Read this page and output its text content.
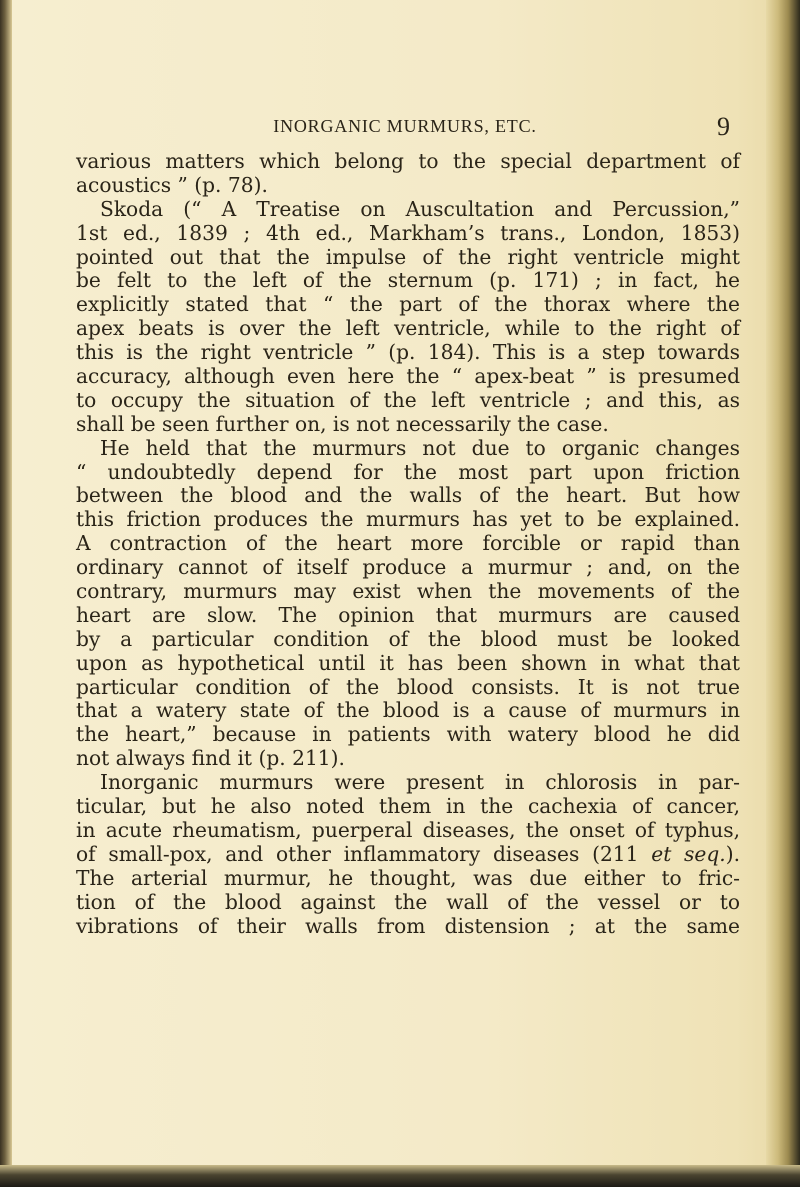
INORGANIC MURMURS, ETC.	9
various matters which belong to the special department of
acoustics ” (p. 78).
Skoda (“ A Treatise on Auscultation and Percussion,”
1st ed., 1839 ; 4th ed., Markham’s trans., London, 1853)
pointed out that the impulse of the right ventricle might
be felt to the left of the sternum (p. 171) ; in fact, he
explicitly stated that “ the part of the thorax where the
apex beats is over the left ventricle, while to the right of
this is the right ventricle ” (p. 184). This is a step towards
accuracy, although even here the “ apex-beat ” is presumed
to occupy the situation of the left ventricle ; and this, as
shall be seen further on, is not necessarily the case.
He held that the murmurs not due to organic changes
“ undoubtedly depend for the most part upon friction
between the blood and the walls of the heart. But how
this friction produces the murmurs has yet to be explained.
A contraction of the heart more forcible or rapid than
ordinary cannot of itself produce a murmur ; and, on the
contrary, murmurs may exist when the movements of the
heart are slow. The opinion that murmurs are caused
by a particular condition of the blood must be looked
upon as hypothetical until it has been shown in what that
particular condition of the blood consists. It is not true
that a watery state of the blood is a cause of murmurs in
the heart,” because in patients with watery blood he did
not always find it (p. 211).
Inorganic murmurs were present in chlorosis in par-
ticular, but he also noted them in the cachexia of cancer,
in acute rheumatism, puerperal diseases, the onset of typhus,
of small-pox, and other inflammatory diseases (211 et seq.).
The arterial murmur, he thought, was due either to fric-
tion of the blood against the wall of the vessel or to
vibrations of their walls from distension ; at the same
